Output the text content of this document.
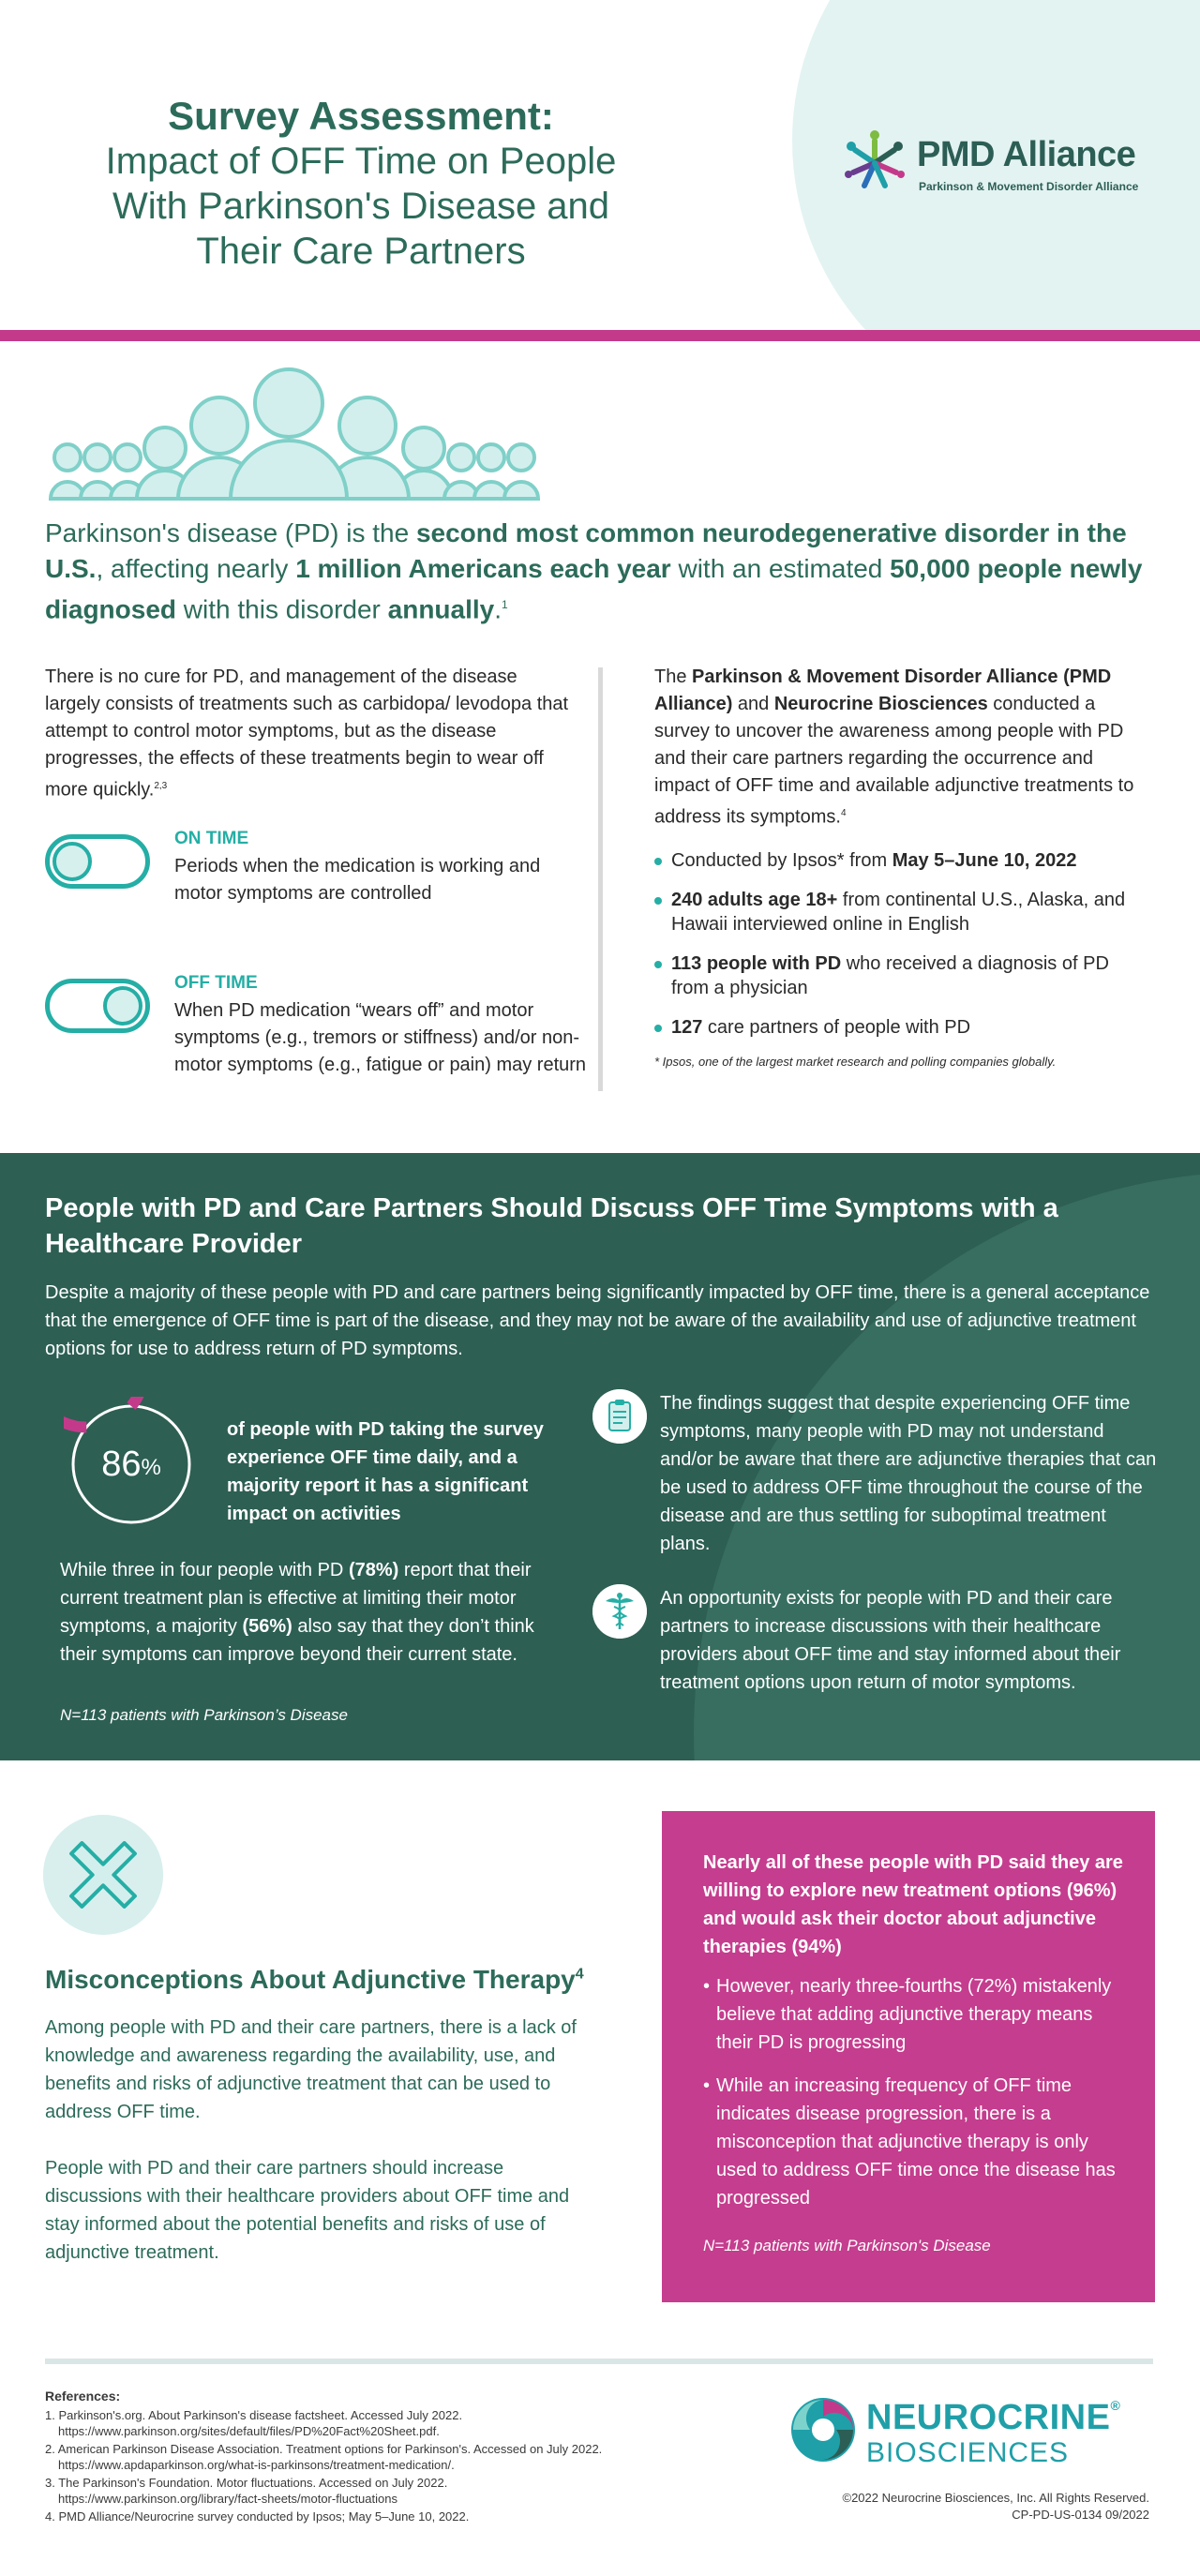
Survey Assessment:
Impact of OFF Time on People
With Parkinson's Disease and
Their Care Partners
PMD Alliance
Parkinson & Movement Disorder Alliance
Parkinson's disease (PD) is the second most common neurodegenerative disorder in the U.S., affecting nearly 1 million Americans each year with an estimated 50,000 people newly diagnosed with this disorder annually.$^1$

There is no cure for PD, and management of the disease largely consists of treatments such as carbidopa/ levodopa that attempt to control motor symptoms, but as the disease progresses, the effects of these treatments begin to wear off more quickly.$^{2,3}$

ON TIME
Periods when the medication is working and motor symptoms are controlled
OFF TIME
When PD medication “wears off” and motor symptoms (e.g., tremors or stiffness) and/or non-motor symptoms (e.g., fatigue or pain) may return

The Parkinson & Movement Disorder Alliance (PMD Alliance) and Neurocrine Biosciences conducted a survey to uncover the awareness among people with PD and their care partners regarding the occurrence and impact of OFF time and available adjunctive treatments to address its symptoms.$^4$

Conducted by Ipsos* from May 5–June 10, 2022
240 adults age 18+ from continental U.S., Alaska, and Hawaii interviewed online in English
113 people with PD who received a diagnosis of PD from a physician
127 care partners of people with PD
* Ipsos, one of the largest market research and polling companies globally.
People with PD and Care Partners Should Discuss OFF Time Symptoms with a Healthcare Provider

Despite a majority of these people with PD and care partners being significantly impacted by OFF time, there is a general acceptance that the emergence of OFF time is part of the disease, and they may not be aware of the availability and use of adjunctive treatment options for use to address return of PD symptoms.

86 %
of people with PD taking the survey experience OFF time daily, and a majority report it has a significant impact on activities

While three in four people with PD (78%) report that their current treatment plan is effective at limiting their motor symptoms, a majority (56%) also say that they don’t think their symptoms can improve beyond their current state.

N=113 patients with Parkinson’s Disease
The findings suggest that despite experiencing OFF time symptoms, many people with PD may not understand and/or be aware that there are adjunctive therapies that can be used to address OFF time throughout the course of the disease and are thus settling for suboptimal treatment plans.
An opportunity exists for people with PD and their care partners to increase discussions with their healthcare providers about OFF time and stay informed about their treatment options upon return of motor symptoms.
Misconceptions About Adjunctive Therapy$^4$

Among people with PD and their care partners, there is a lack of knowledge and awareness regarding the availability, use, and benefits and risks of adjunctive treatment that can be used to address OFF time.

People with PD and their care partners should increase discussions with their healthcare providers about OFF time and stay informed about the potential benefits and risks of use of adjunctive treatment.

Nearly all of these people with PD said they are willing to explore new treatment options (96%) and would ask their doctor about adjunctive therapies (94%)
• However, nearly three-fourths (72%) mistakenly believe that adding adjunctive therapy means their PD is progressing
• While an increasing frequency of OFF time indicates disease progression, there is a misconception that adjunctive therapy is only used to address OFF time once the disease has progressed
N=113 patients with Parkinson's Disease
References:
1. Parkinson's.org. About Parkinson's disease factsheet. Accessed July 2022.
https://www.parkinson.org/sites/default/files/PD%20Fact%20Sheet.pdf.
2. American Parkinson Disease Association. Treatment options for Parkinson's. Accessed on July 2022.
https://www.apdaparkinson.org/what-is-parkinsons/treatment-medication/.
3. The Parkinson's Foundation. Motor fluctuations. Accessed on July 2022.
https://www.parkinson.org/library/fact-sheets/motor-fluctuations
4. PMD Alliance/Neurocrine survey conducted by Ipsos; May 5–June 10, 2022.
NEUROCRINE®
BIOSCIENCES
©2022 Neurocrine Biosciences, Inc. All Rights Reserved.
CP-PD-US-0134 09/2022
